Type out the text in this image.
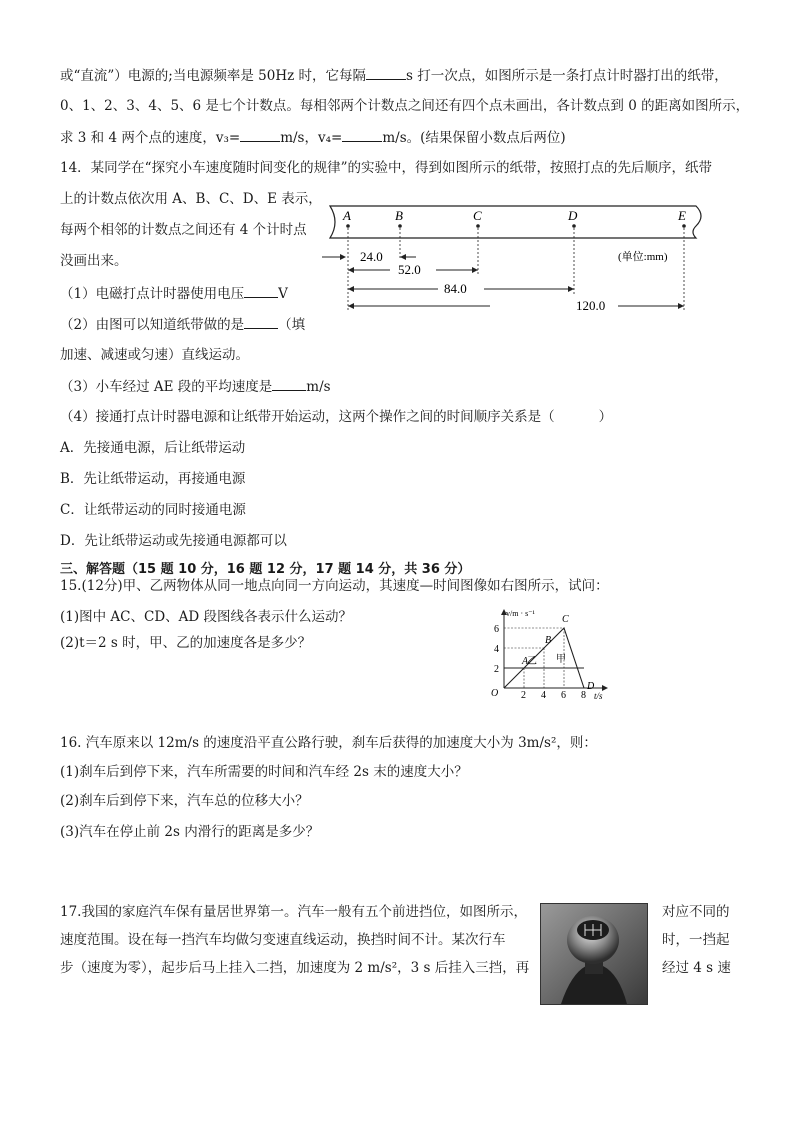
或“直流”）电源的;当电源频率是 50Hz 时，它每隔	s 打一次点，如图所示是一条打点计时器打出的纸带，
0、1、2、3、4、5、6 是七个计数点。每相邻两个计数点之间还有四个点未画出，各计数点到 0 的距离如图所示，
求 3 和 4 两个点的速度，v₃=	m/s，v₄=	m/s。(结果保留小数点后两位)
14．某同学在“探究小车速度随时间变化的规律”的实验中，得到如图所示的纸带，按照打点的先后顺序，纸带
上的计数点依次用 A、B、C、D、E 表示，
每两个相邻的计数点之间还有 4 个计时点
没画出来。
（1）电磁打点计时器使用电压	V
（2）由图可以知道纸带做的是	（填
加速、减速或匀速）直线运动。
（3）小车经过 AE 段的平均速度是	m/s
（4）接通打点计时器电源和让纸带开始运动，这两个操作之间的时间顺序关系是（	）
A．先接通电源，后让纸带运动
B．先让纸带运动，再接通电源
C．让纸带运动的同时接通电源
D．先让纸带运动或先接通电源都可以
A	B	C	D	E
24.0
52.0
(单位:mm)
84.0
120.0
三、解答题（15 题 10 分，16 题 12 分，17 题 14 分，共 36 分）
15.(12分)甲、乙两物体从同一地点向同一方向运动，其速度—时间图像如右图所示，试问：
(1)图中 AC、CD、AD 段图线各表示什么运动？
(2)t＝2 s 时，甲、乙的加速度各是多少？
v/m · s⁻¹
t/s
O 2 4 6 8
2
4
6
A
B
C
D
乙 甲
16. 汽车原来以 12m/s 的速度沿平直公路行驶，刹车后获得的加速度大小为 3m/s²，则：
(1)刹车后到停下来，汽车所需要的时间和汽车经 2s 末的速度大小？
(2)刹车后到停下来，汽车总的位移大小？
(3)汽车在停止前 2s 内滑行的距离是多少？
17.我国的家庭汽车保有量居世界第一。汽车一般有五个前进挡位，如图所示，	对应不同的
速度范围。设在每一挡汽车均做匀变速直线运动，换挡时间不计。某次行车	时，一挡起
步（速度为零），起步后马上挂入二挡，加速度为 2 m/s²，3 s 后挂入三挡，再	经过 4 s 速
